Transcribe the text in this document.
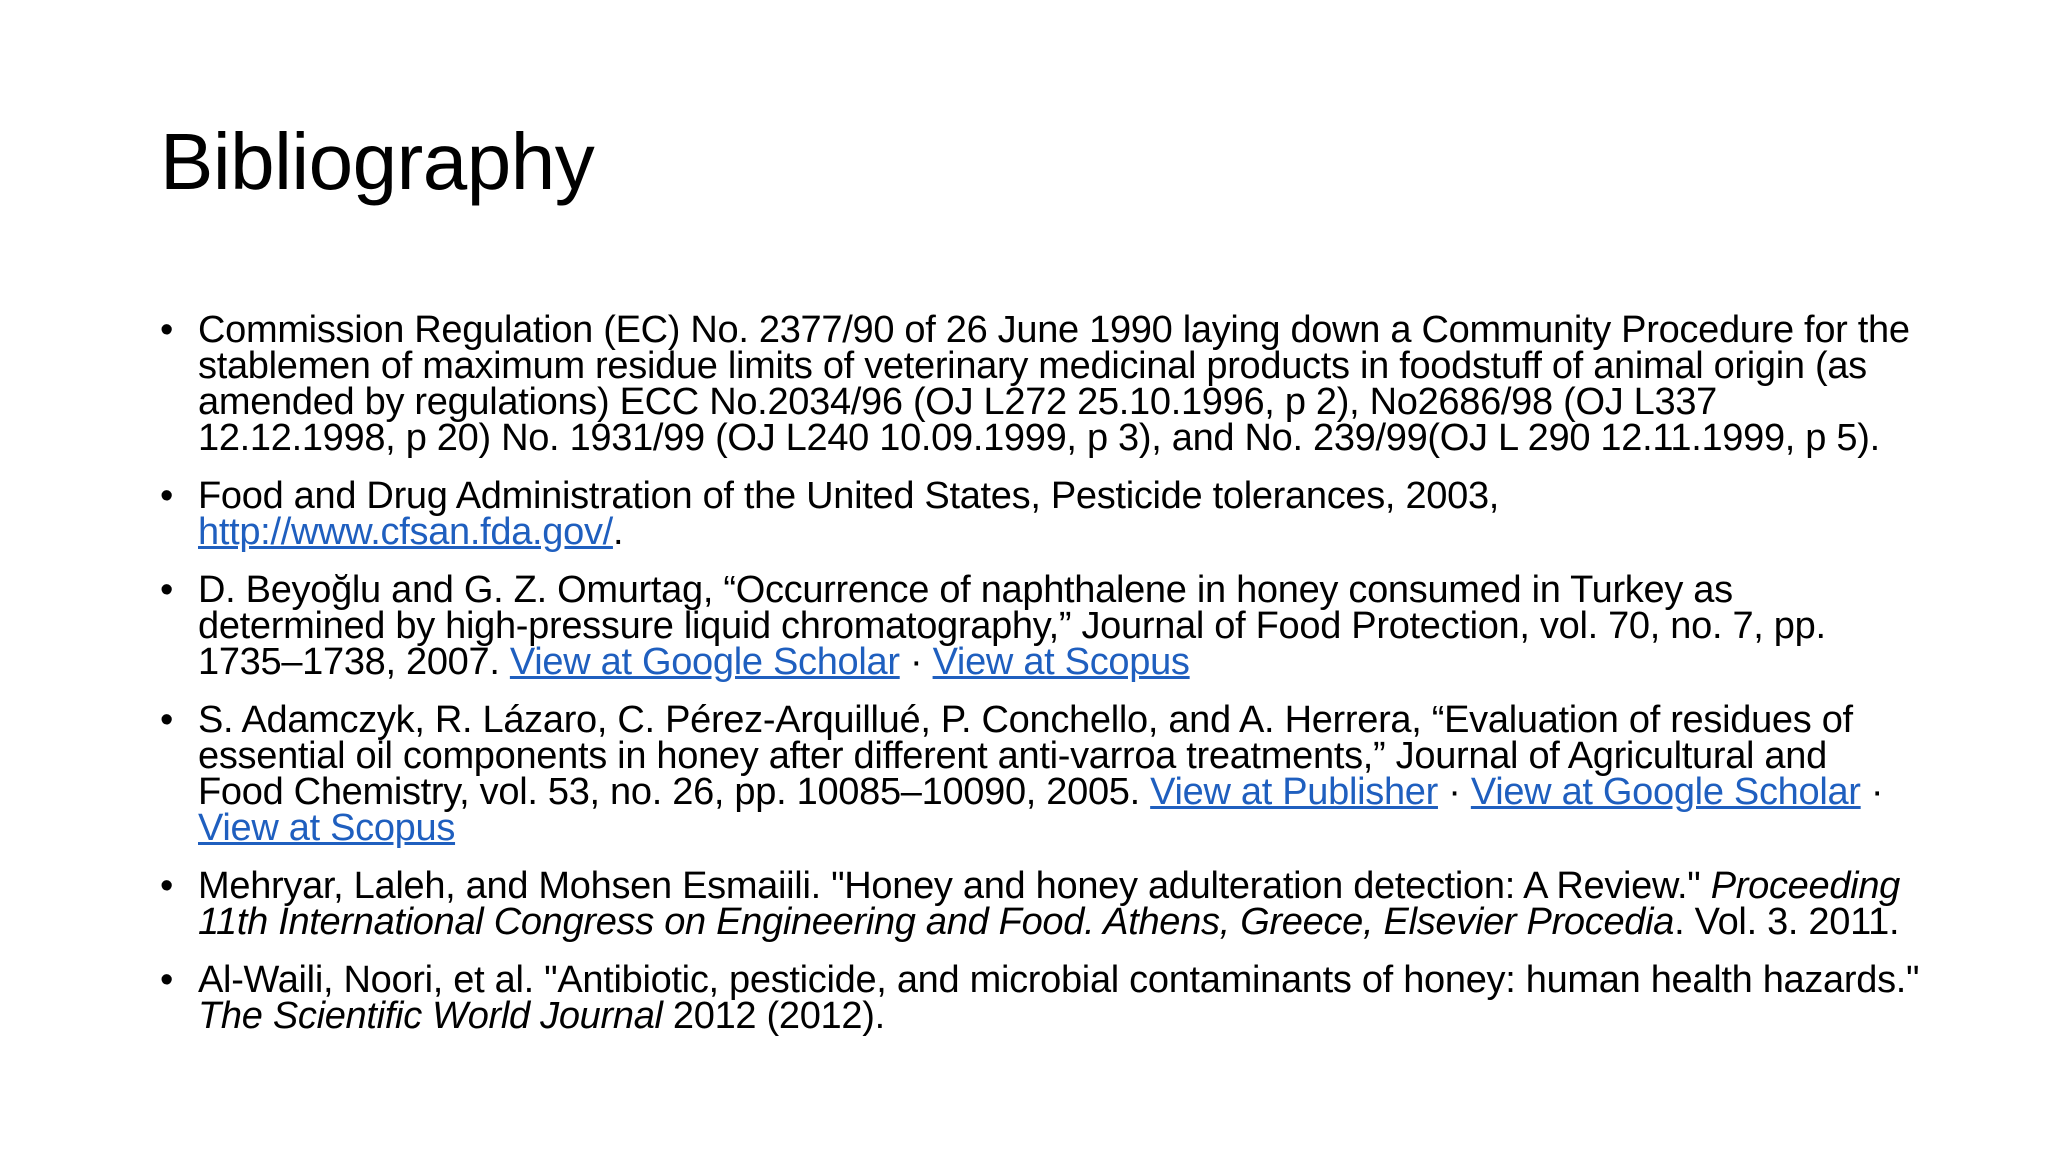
Bibliography
• Commission Regulation (EC) No. 2377/90 of 26 June 1990 laying down a Community Procedure for the stablemen of maximum residue limits of veterinary medicinal products in foodstuff of animal origin (as amended by regulations) ECC No.2034/96 (OJ L272 25.10.1996, p 2), No2686/98 (OJ L337 12.12.1998, p 20) No. 1931/99 (OJ L240 10.09.1999, p 3), and No. 239/99(OJ L 290 12.11.1999, p 5).
• Food and Drug Administration of the United States, Pesticide tolerances, 2003, http://www.cfsan.fda.gov/.
• D. Beyoğlu and G. Z. Omurtag, “Occurrence of naphthalene in honey consumed in Turkey as determined by high-pressure liquid chromatography,” Journal of Food Protection, vol. 70, no. 7, pp. 1735–1738, 2007. View at Google Scholar · View at Scopus
• S. Adamczyk, R. Lázaro, C. Pérez-Arquillué, P. Conchello, and A. Herrera, “Evaluation of residues of essential oil components in honey after different anti-varroa treatments,” Journal of Agricultural and Food Chemistry, vol. 53, no. 26, pp. 10085–10090, 2005. View at Publisher · View at Google Scholar · View at Scopus
• Mehryar, Laleh, and Mohsen Esmaiili. "Honey and honey adulteration detection: A Review." Proceeding 11th International Congress on Engineering and Food. Athens, Greece, Elsevier Procedia. Vol. 3. 2011.
• Al-Waili, Noori, et al. "Antibiotic, pesticide, and microbial contaminants of honey: human health hazards." The Scientific World Journal 2012 (2012).
